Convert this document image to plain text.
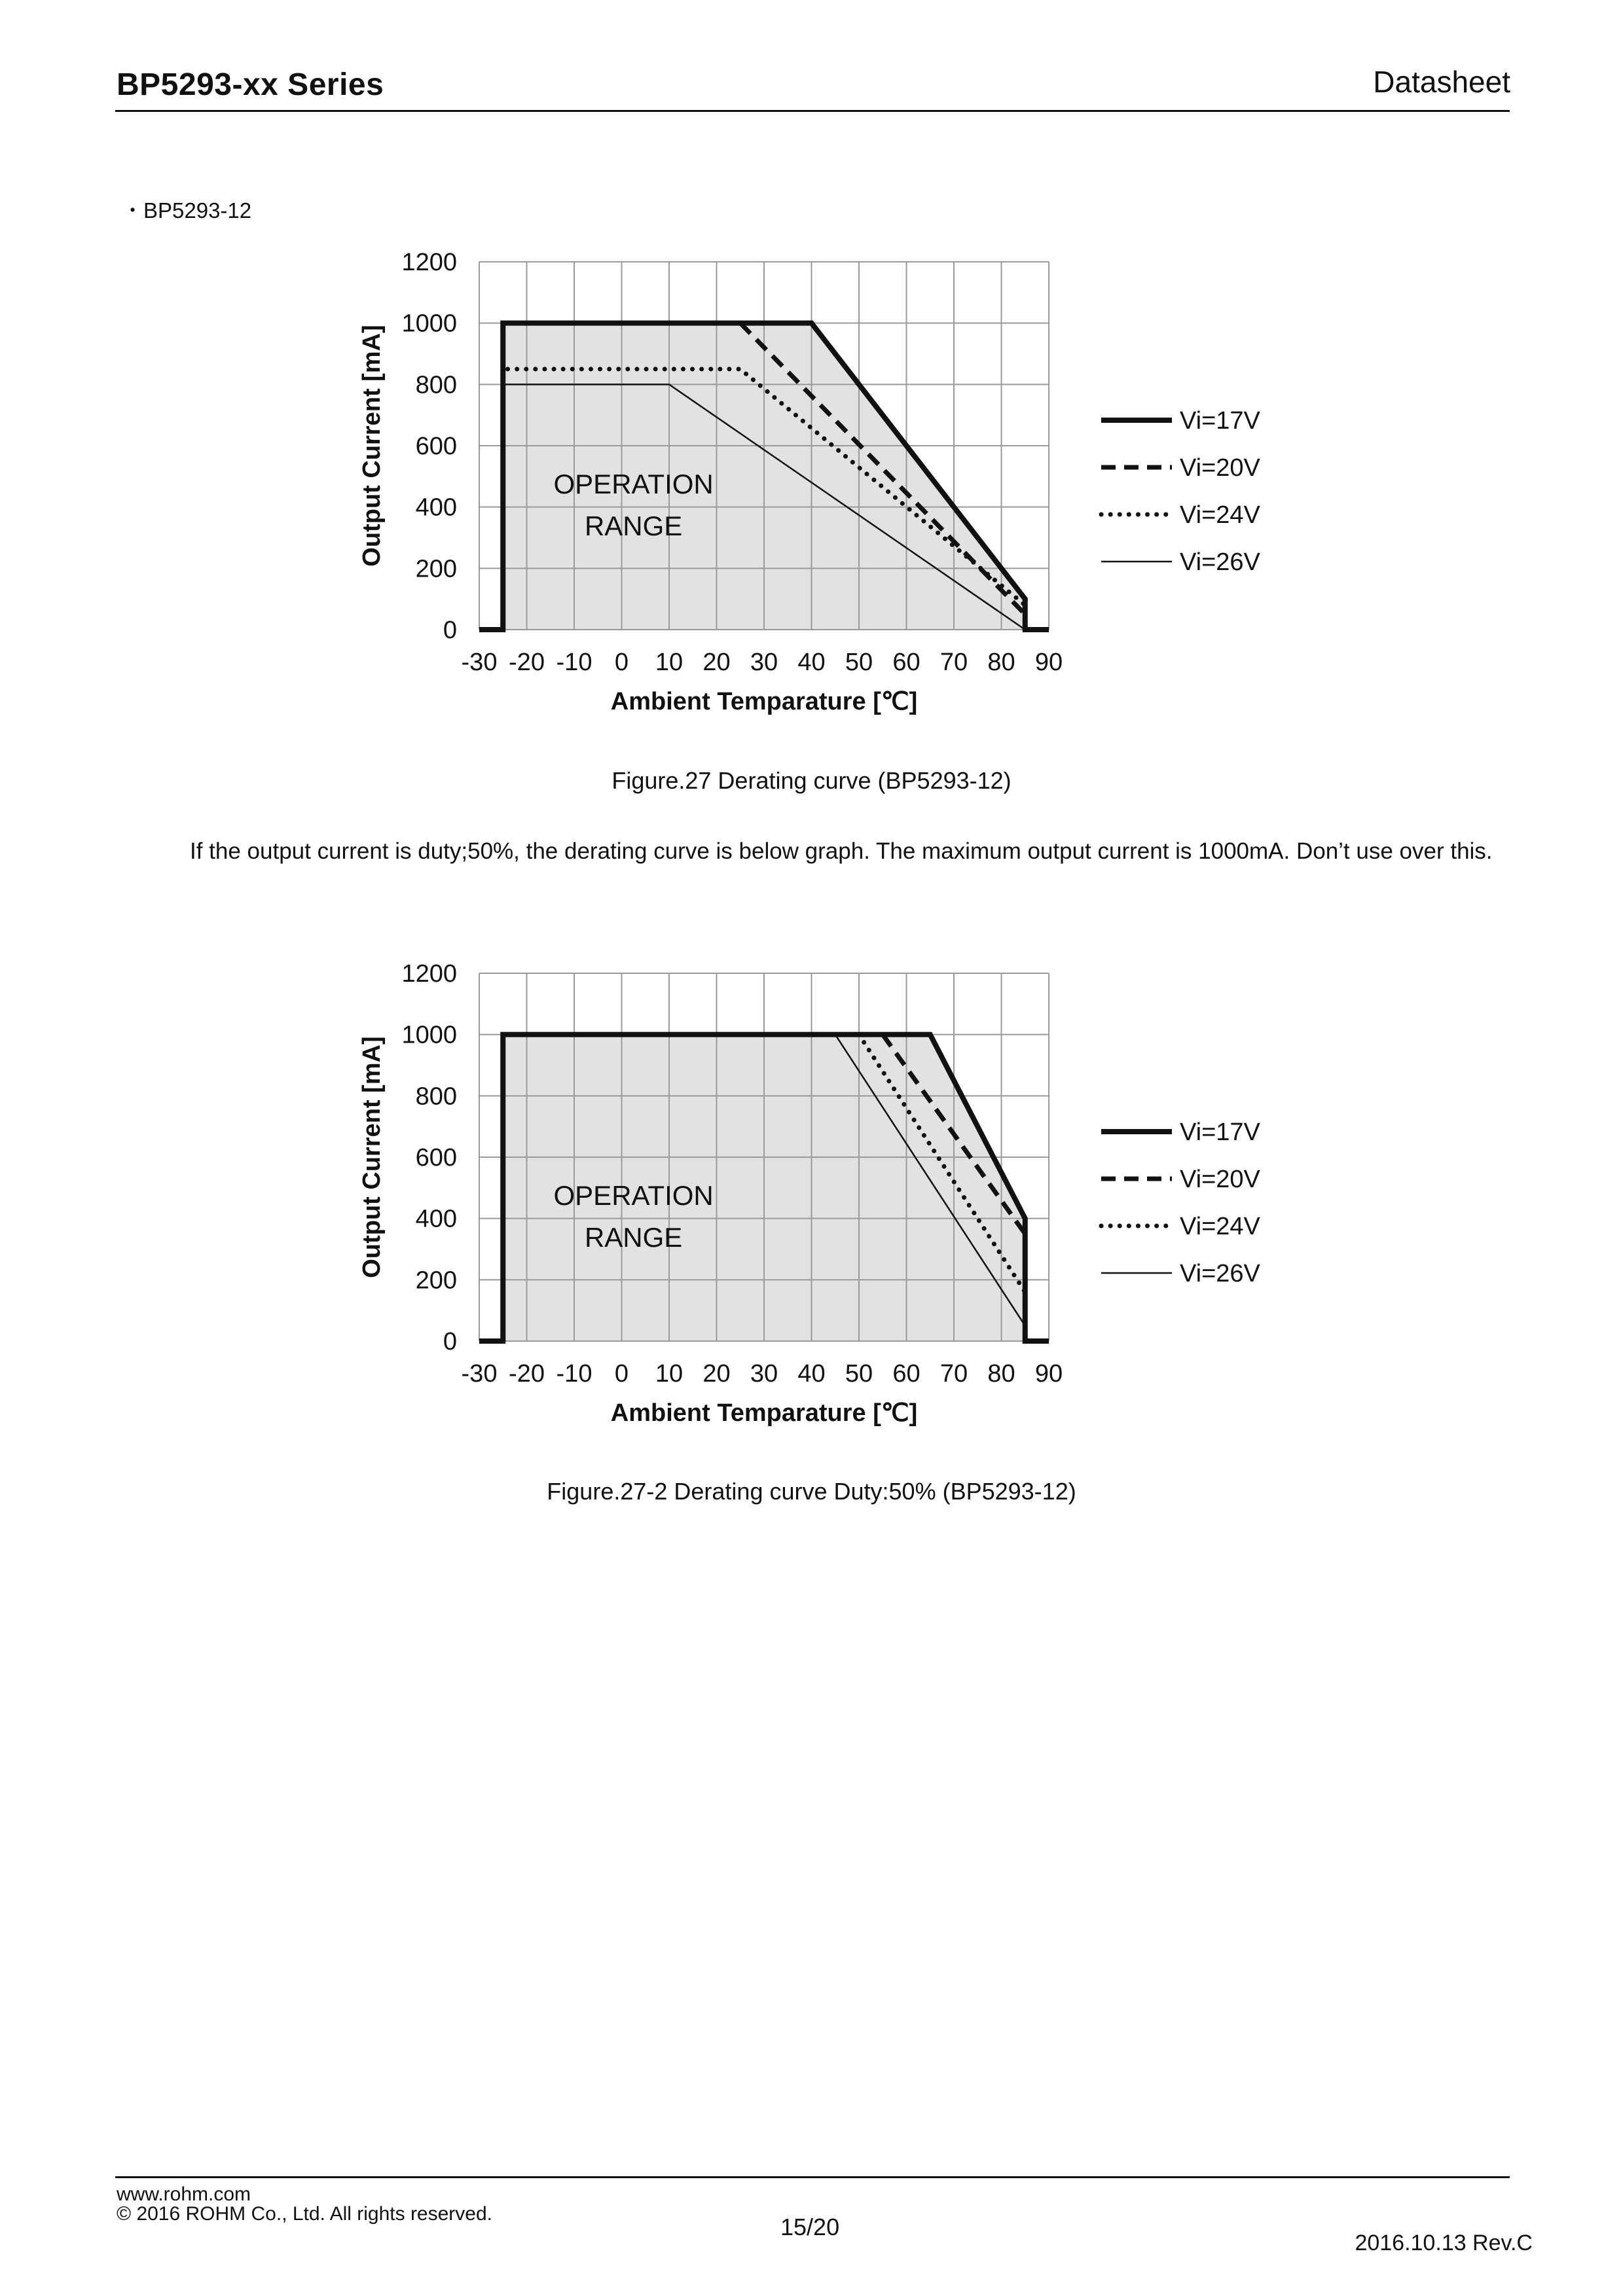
BP5293-xx Series	Datasheet
・BP5293-12
-30 -20 -10 0 10 20 30 40 50 60 70 80 90
0
200
400
600
800
1000
1200
Ambient Temparature [℃]
Output Current [mA]	OPERATION
RANGE
Vi=17V
Vi=20V
Vi=24V
Vi=26V
Figure.27 Derating curve (BP5293-12)
If the output current is duty;50%, the derating curve is below graph. The maximum output current is 1000mA. Don’t use over this.
-30 -20 -10 0 10 20 30 40 50 60 70 80 90
0
200
400
600
800
1000
1200
Ambient Temparature [℃]
Output Current [mA]	OPERATION
RANGE
Vi=17V
Vi=20V
Vi=24V
Vi=26V
Figure.27-2 Derating curve Duty:50% (BP5293-12)
www.rohm.com
© 2016 ROHM Co., Ltd. All rights reserved.	15/20
2016.10.13 Rev.C
